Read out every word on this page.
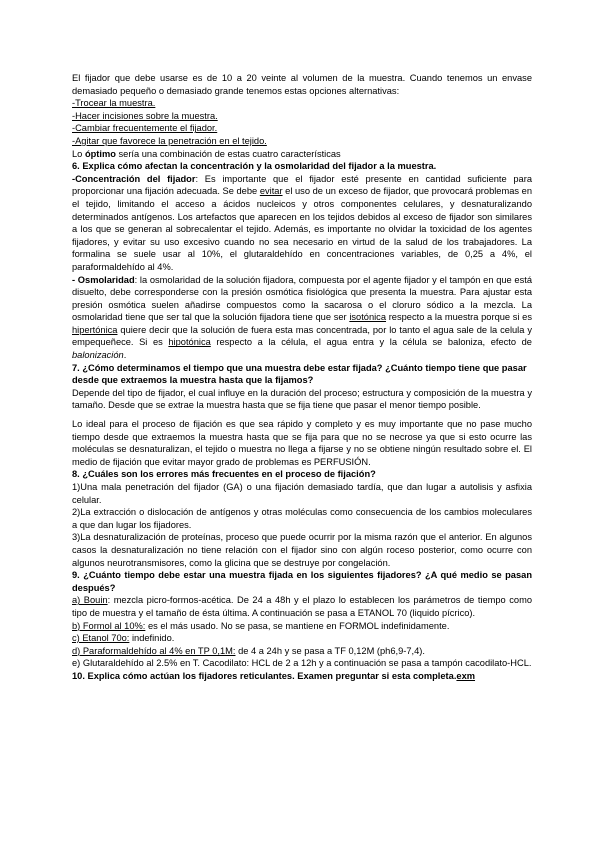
El fijador que debe usarse es de 10 a 20 veinte al volumen de la muestra. Cuando tenemos un envase demasiado pequeño o demasiado grande tenemos estas opciones alternativas:

-Trocear la muestra.

-Hacer incisiones sobre la muestra.

-Cambiar frecuentemente el fijador.

-Agitar que favorece la penetración en el tejido.

Lo óptimo sería una combinación de estas cuatro características

6. Explica cómo afectan la concentración y la osmolaridad del fijador a la muestra.

-Concentración del fijador: Es importante que el fijador esté presente en cantidad suficiente para proporcionar una fijación adecuada. Se debe evitar el uso de un exceso de fijador, que provocará problemas en el tejido, limitando el acceso a ácidos nucleicos y otros componentes celulares, y desnaturalizando determinados antígenos. Los artefactos que aparecen en los tejidos debidos al exceso de fijador son similares a los que se generan al sobrecalentar el tejido. Además, es importante no olvidar la toxicidad de los agentes fijadores, y evitar su uso excesivo cuando no sea necesario en virtud de la salud de los trabajadores. La formalina se suele usar al 10%, el glutaraldehído en concentraciones variables, de 0,25 a 4%, el paraformaldehído al 4%.

- Osmolaridad: la osmolaridad de la solución fijadora, compuesta por el agente fijador y el tampón en que está disuelto, debe corresponderse con la presión osmótica fisiológica que presenta la muestra. Para ajustar esta presión osmótica suelen añadirse compuestos como la sacarosa o el cloruro sódico a la mezcla. La osmolaridad tiene que ser tal que la solución fijadora tiene que ser isotónica respecto a la muestra porque si es hipertónica quiere decir que la solución de fuera esta mas concentrada, por lo tanto el agua sale de la celula y empequeñece. Si es hipotónica respecto a la célula, el agua entra y la célula se baloniza, efecto de balonización.

7. ¿Cómo determinamos el tiempo que una muestra debe estar fijada? ¿Cuánto tiempo tiene que pasar desde que extraemos la muestra hasta que la fijamos?

Depende del tipo de fijador, el cual influye en la duración del proceso; estructura y composición de la muestra y tamaño. Desde que se extrae la muestra hasta que se fija tiene que pasar el menor tiempo posible.

Lo ideal para el proceso de fijación es que sea rápido y completo y es muy importante que no pase mucho tiempo desde que extraemos la muestra hasta que se fija para que no se necrose ya que si esto ocurre las moléculas se desnaturalizan, el tejido o muestra no llega a fijarse y no se obtiene ningún resultado sobre el. El medio de fijación que evitar mayor grado de problemas es PERFUSIÓN.

8. ¿Cuáles son los errores más frecuentes en el proceso de fijación?

1)Una mala penetración del fijador (GA) o una fijación demasiado tardía, que dan lugar a autolisis y asfixia celular.

2)La extracción o dislocación de antígenos y otras moléculas como consecuencia de los cambios moleculares a que dan lugar los fijadores.

3)La desnaturalización de proteínas, proceso que puede ocurrir por la misma razón que el anterior. En algunos casos la desnaturalización no tiene relación con el fijador sino con algún roceso posterior, como ocurre con algunos neurotransmisores, como la glicina que se destruye por congelación.

9. ¿Cuánto tiempo debe estar una muestra fijada en los siguientes fijadores? ¿A qué medio se pasan después?

a) Bouin: mezcla picro-formos-acética. De 24 a 48h y el plazo lo establecen los parámetros de tiempo como tipo de muestra y el tamaño de ésta última. A continuación se pasa a ETANOL 70 (liquido pícrico).

b) Formol al 10%: es el más usado. No se pasa, se mantiene en FORMOL indefinidamente.

c) Etanol 70o: indefinido.

d) Paraformaldehído al 4% en TP 0,1M: de 4 a 24h y se pasa a TF 0,12M (ph6,9-7,4).

e) Glutaraldehído al 2.5% en T. Cacodilato: HCL de 2 a 12h y a continuación se pasa a tampón cacodilato-HCL.

10. Explica cómo actúan los fijadores reticulantes. Examen preguntar si esta completa.exm
